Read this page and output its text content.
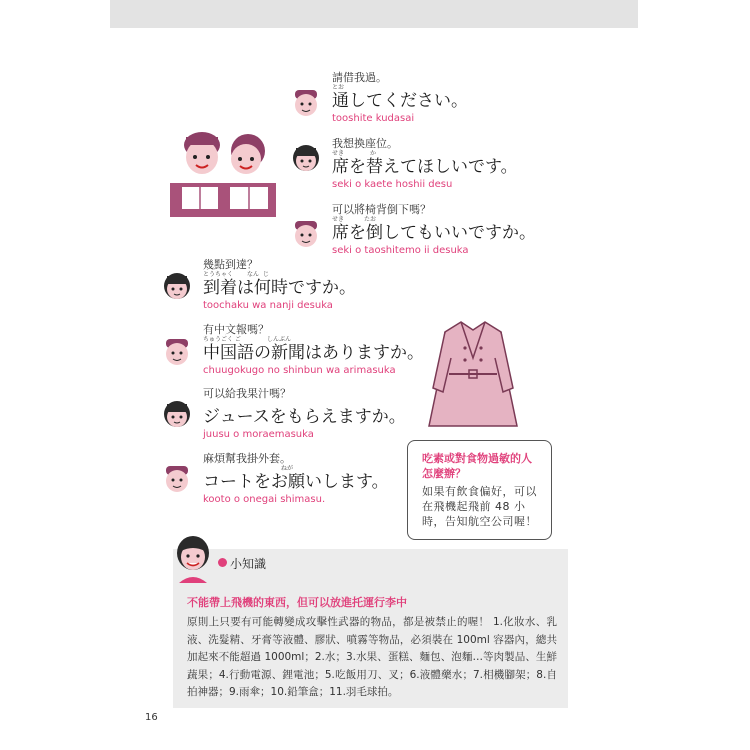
請借我過。
とお
通してください。
tooshite kudasai
我想換座位。
せき	か
席を替えてほしいです。
seki o kaete hoshii desu
可以將椅背倒下嗎？
せき	たお
席を倒してもいいですか。
seki o taoshitemo ii desuka
幾點到達？
とうちゃく なん じ
到着は何時ですか。
toochaku wa nanji desuka
有中文報嗎？
ちゅうごく ご	しんぶん
中国語の新聞はありますか。
chuugokugo no shinbun wa arimasuka
可以給我果汁嗎？
ジュースをもらえますか。
juusu o moraemasuka
麻煩幫我掛外套。
ねが
コートをお願いします。
kooto o onegai shimasu.
吃素或對食物過敏的人怎麼辦？
如果有飲食偏好，可以在飛機起飛前 48 小時，告知航空公司喔！
小知識
不能帶上飛機的東西，但可以放進托運行李中
原則上只要有可能轉變成攻擊性武器的物品，都是被禁止的喔！ 1.化妝水、乳液、洗髮精、牙膏等液體、膠狀、噴霧等物品，必須裝在 100ml 容器內，總共加起來不能超過 1000ml；2.水；3.水果、蛋糕、麵包、泡麵…等肉製品、生鮮蔬果；4.行動電源、鋰電池；5.吃飯用刀、叉；6.液體藥水；7.相機腳架；8.自拍神器；9.雨傘；10.鉛筆盒；11.羽毛球拍。
16
